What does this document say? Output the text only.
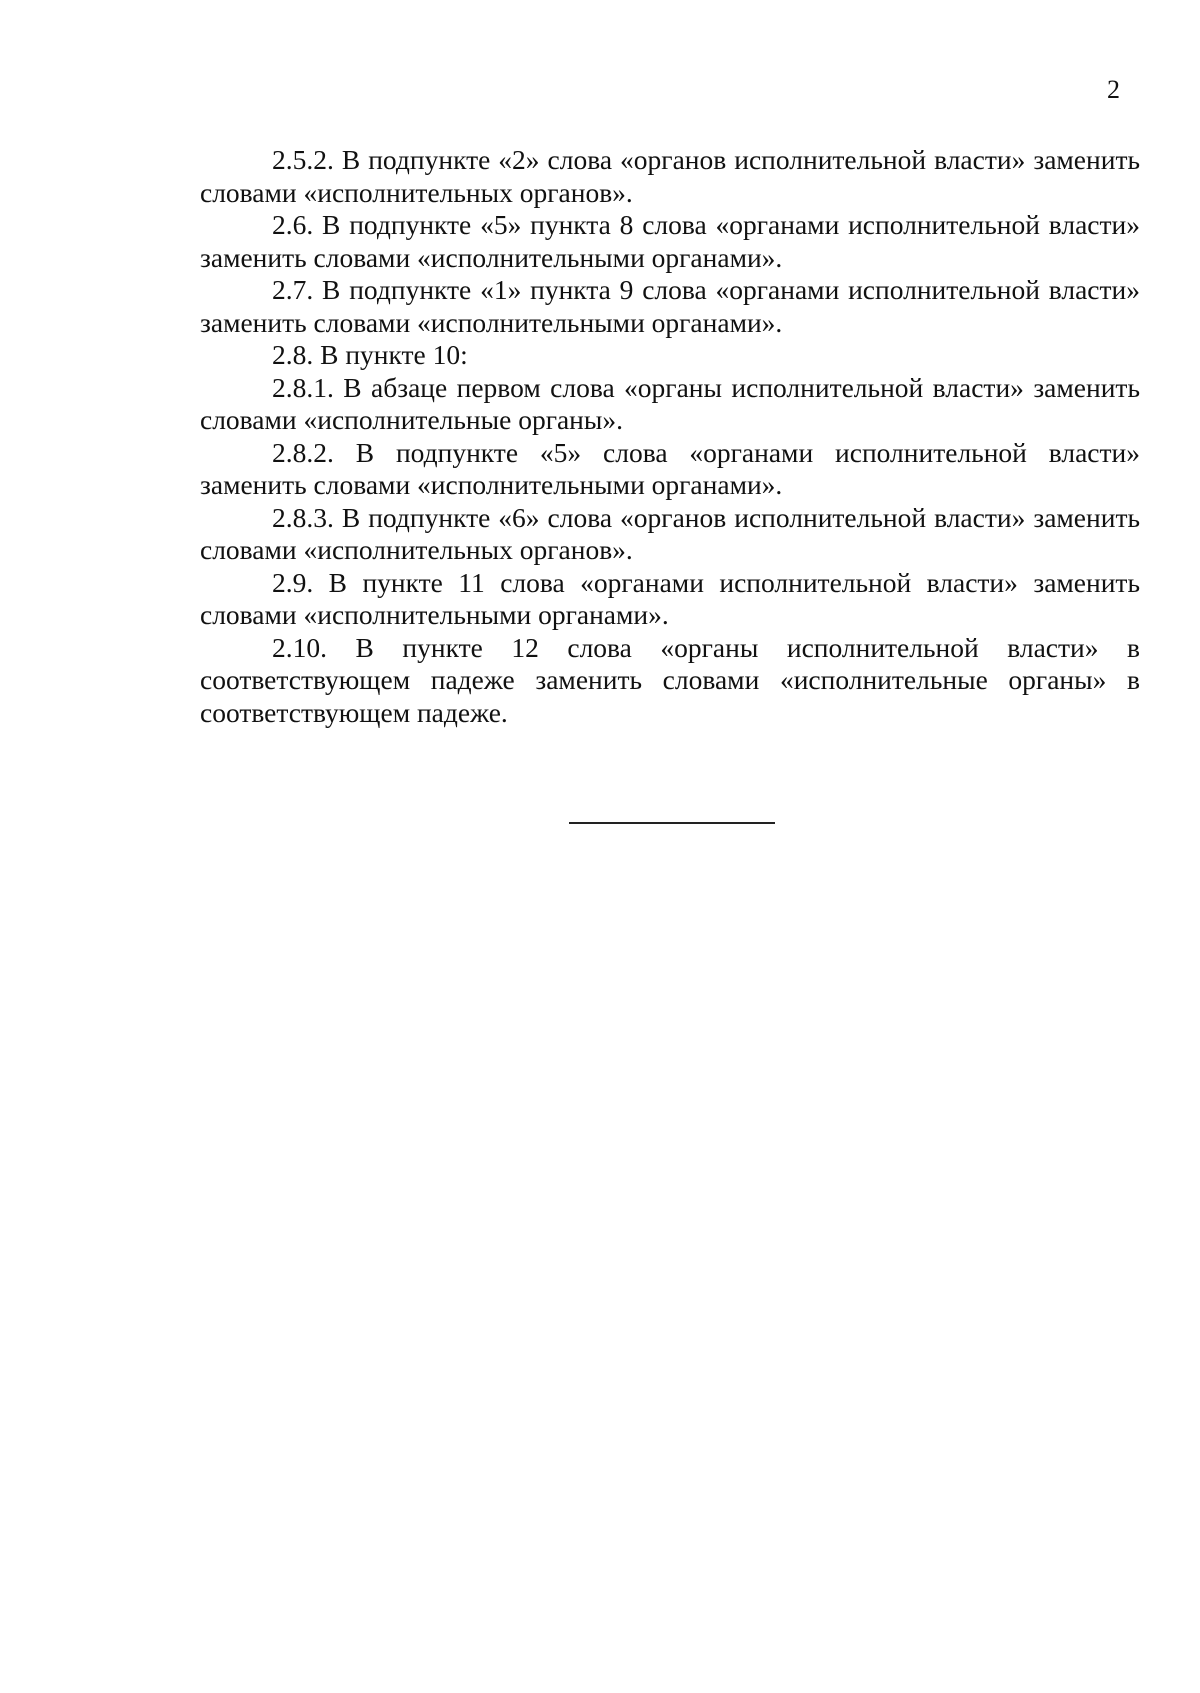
2

2.5.2. В подпункте «2» слова «органов исполнительной власти» заменить словами «исполнительных органов».

2.6. В подпункте «5» пункта 8 слова «органами исполнительной власти» заменить словами «исполнительными органами».

2.7. В подпункте «1» пункта 9 слова «органами исполнительной власти» заменить словами «исполнительными органами».

2.8. В пункте 10:

2.8.1. В абзаце первом слова «органы исполнительной власти» заменить словами «исполнительные органы».

2.8.2. В подпункте «5» слова «органами исполнительной власти» заменить словами «исполнительными органами».

2.8.3. В подпункте «6» слова «органов исполнительной власти» заменить словами «исполнительных органов».

2.9. В пункте 11 слова «органами исполнительной власти» заменить словами «исполнительными органами».

2.10. В пункте 12 слова «органы исполнительной власти» в соответствующем падеже заменить словами «исполнительные органы» в соответствующем падеже.
